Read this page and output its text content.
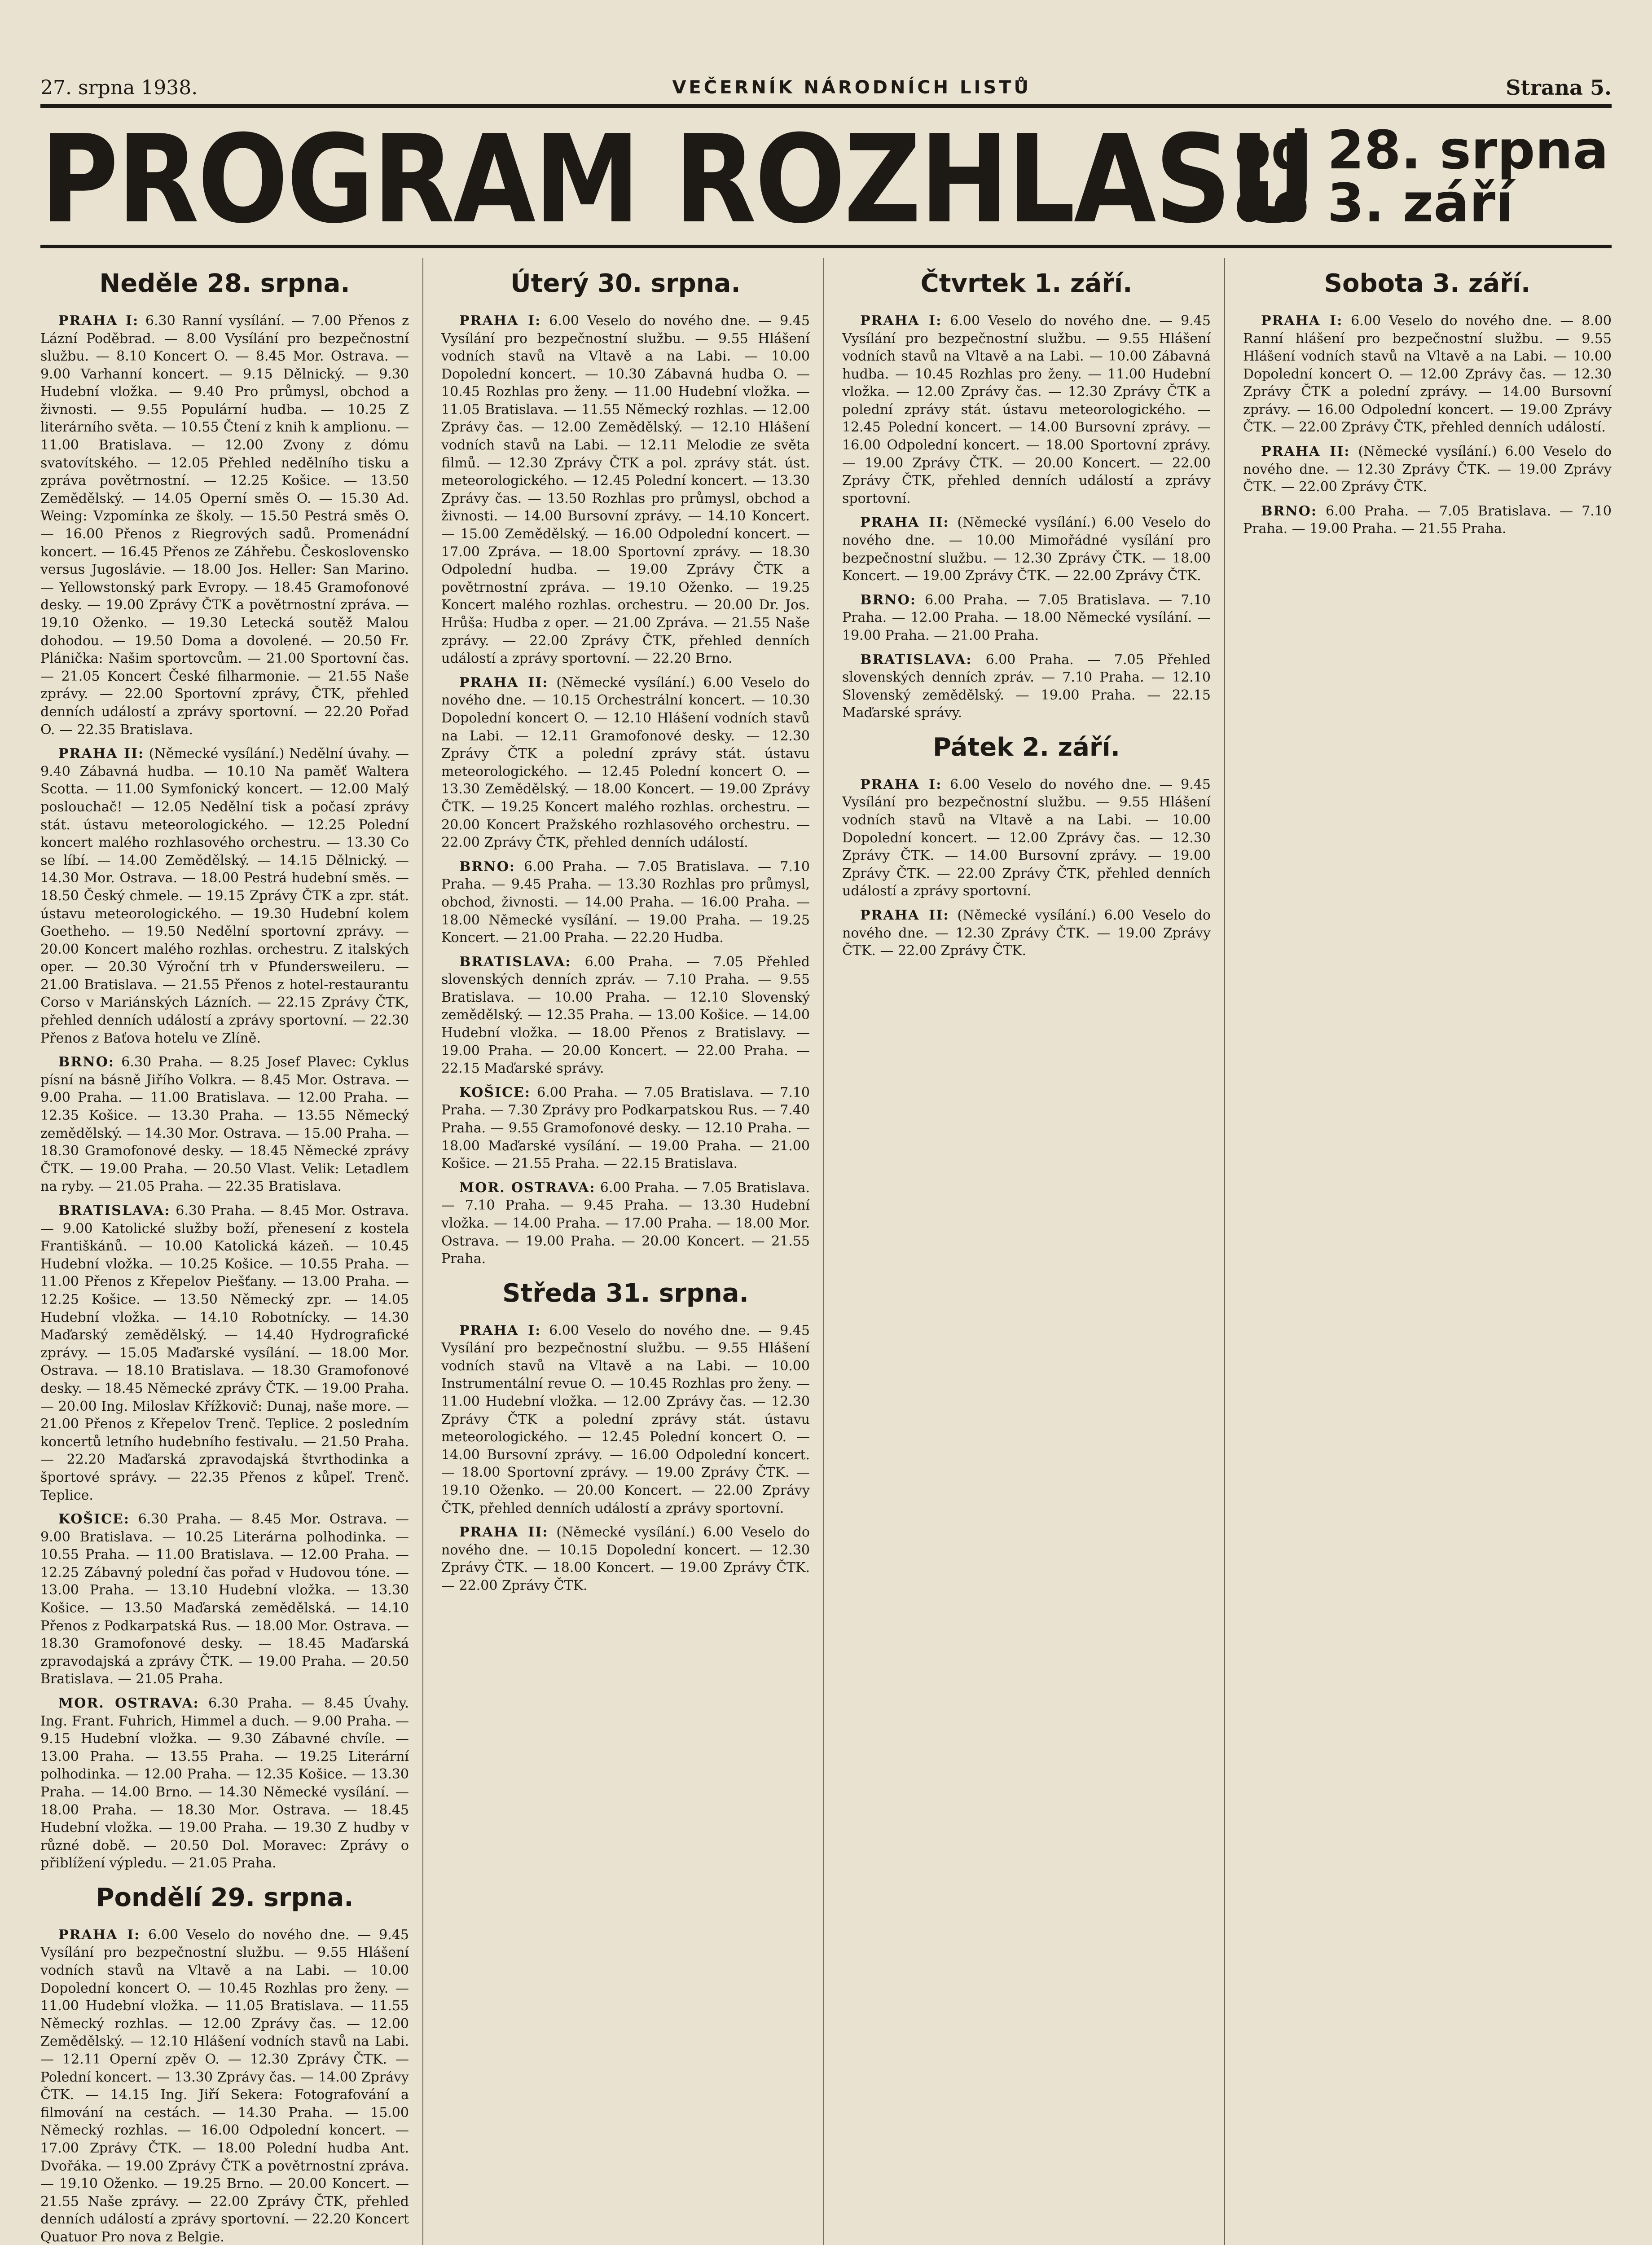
27. srpna 1938.	VEČERNÍK NÁRODNÍCH LISTŮ	Strana 5.
PROGRAM ROZHLASU
od 28. srpna
do 3. září
Neděle 28. srpna.

PRAHA I: 6.30 Ranní vysílání. — 7.00 Přenos z Lázní Poděbrad. — 8.00 Vysílání pro bezpečnostní službu. — 8.10 Koncert O. — 8.45 Mor. Ostrava. — 9.00 Varhanní koncert. — 9.15 Dělnický. — 9.30 Hudební vložka. — 9.40 Pro průmysl, obchod a živnosti. — 9.55 Populární hudba. — 10.25 Z literárního světa. — 10.55 Čtení z knih k amplionu. — 11.00 Bratislava. — 12.00 Zvony z dómu svatovítského. — 12.05 Přehled nedělního tisku a zpráva povětrnostní. — 12.25 Košice. — 13.50 Zemědělský. — 14.05 Operní směs O. — 15.30 Ad. Weing: Vzpomínka ze školy. — 15.50 Pestrá směs O. — 16.00 Přenos z Riegrových sadů. Promenádní koncert. — 16.45 Přenos ze Záhřebu. Československo versus Jugoslávie. — 18.00 Jos. Heller: San Marino. — Yellowstonský park Evropy. — 18.45 Gramofonové desky. — 19.00 Zprávy ČTK a povětrnostní zpráva. — 19.10 Oženko. — 19.30 Letecká soutěž Malou dohodou. — 19.50 Doma a dovolené. — 20.50 Fr. Plánička: Našim sportovcům. — 21.00 Sportovní čas. — 21.05 Koncert České filharmonie. — 21.55 Naše zprávy. — 22.00 Sportovní zprávy, ČTK, přehled denních událostí a zprávy sportovní. — 22.20 Pořad O. — 22.35 Bratislava.

PRAHA II: (Německé vysílání.) Nedělní úvahy. — 9.40 Zábavná hudba. — 10.10 Na paměť Waltera Scotta. — 11.00 Symfonický koncert. — 12.00 Malý poslouchač! — 12.05 Nedělní tisk a počasí zprávy stát. ústavu meteorologického. — 12.25 Polední koncert malého rozhlasového orchestru. — 13.30 Co se líbí. — 14.00 Zemědělský. — 14.15 Dělnický. — 14.30 Mor. Ostrava. — 18.00 Pestrá hudební směs. — 18.50 Český chmele. — 19.15 Zprávy ČTK a zpr. stát. ústavu meteorologického. — 19.30 Hudební kolem Goetheho. — 19.50 Nedělní sportovní zprávy. — 20.00 Koncert malého rozhlas. orchestru. Z italských oper. — 20.30 Výroční trh v Pfundersweileru. — 21.00 Bratislava. — 21.55 Přenos z hotel-restaurantu Corso v Mariánských Lázních. — 22.15 Zprávy ČTK, přehled denních událostí a zprávy sportovní. — 22.30 Přenos z Baťova hotelu ve Zlíně.

BRNO: 6.30 Praha. — 8.25 Josef Plavec: Cyklus písní na básně Jiřího Volkra. — 8.45 Mor. Ostrava. — 9.00 Praha. — 11.00 Bratislava. — 12.00 Praha. — 12.35 Košice. — 13.30 Praha. — 13.55 Německý zemědělský. — 14.30 Mor. Ostrava. — 15.00 Praha. — 18.30 Gramofonové desky. — 18.45 Německé zprávy ČTK. — 19.00 Praha. — 20.50 Vlast. Velik: Letadlem na ryby. — 21.05 Praha. — 22.35 Bratislava.

BRATISLAVA: 6.30 Praha. — 8.45 Mor. Ostrava. — 9.00 Katolické služby boží, přenesení z kostela Františkánů. — 10.00 Katolická kázeň. — 10.45 Hudební vložka. — 10.25 Košice. — 10.55 Praha. — 11.00 Přenos z Křepelov Piešťany. — 13.00 Praha. — 12.25 Košice. — 13.50 Německý zpr. — 14.05 Hudební vložka. — 14.10 Robotnícky. — 14.30 Maďarský zemědělský. — 14.40 Hydrografické zprávy. — 15.05 Maďarské vysílání. — 18.00 Mor. Ostrava. — 18.10 Bratislava. — 18.30 Gramofonové desky. — 18.45 Německé zprávy ČTK. — 19.00 Praha. — 20.00 Ing. Miloslav Křížkovič: Dunaj, naše more. — 21.00 Přenos z Křepelov Trenč. Teplice. 2 posledním koncertů letního hudebního festivalu. — 21.50 Praha. — 22.20 Maďarská zpravodajská štvrthodinka a športové správy. — 22.35 Přenos z kůpeľ. Trenč. Teplice.

KOŠICE: 6.30 Praha. — 8.45 Mor. Ostrava. — 9.00 Bratislava. — 10.25 Literárna polhodinka. — 10.55 Praha. — 11.00 Bratislava. — 12.00 Praha. — 12.25 Zábavný polední čas pořad v Hudovou tóne. — 13.00 Praha. — 13.10 Hudební vložka. — 13.30 Košice. — 13.50 Maďarská zemědělská. — 14.10 Přenos z Podkarpatská Rus. — 18.00 Mor. Ostrava. — 18.30 Gramofonové desky. — 18.45 Maďarská zpravodajská a zprávy ČTK. — 19.00 Praha. — 20.50 Bratislava. — 21.05 Praha.

MOR. OSTRAVA: 6.30 Praha. — 8.45 Úvahy. Ing. Frant. Fuhrich, Himmel a duch. — 9.00 Praha. — 9.15 Hudební vložka. — 9.30 Zábavné chvíle. — 13.00 Praha. — 13.55 Praha. — 19.25 Literární polhodinka. — 12.00 Praha. — 12.35 Košice. — 13.30 Praha. — 14.00 Brno. — 14.30 Německé vysílání. — 18.00 Praha. — 18.30 Mor. Ostrava. — 18.45 Hudební vložka. — 19.00 Praha. — 19.30 Z hudby v různé době. — 20.50 Dol. Moravec: Zprávy o přiblížení výpledu. — 21.05 Praha.

Pondělí 29. srpna.

PRAHA I: 6.00 Veselo do nového dne. — 9.45 Vysílání pro bezpečnostní službu. — 9.55 Hlášení vodních stavů na Vltavě a na Labi. — 10.00 Dopolední koncert O. — 10.45 Rozhlas pro ženy. — 11.00 Hudební vložka. — 11.05 Bratislava. — 11.55 Německý rozhlas. — 12.00 Zprávy čas. — 12.00 Zemědělský. — 12.10 Hlášení vodních stavů na Labi. — 12.11 Operní zpěv O. — 12.30 Zprávy ČTK. — Polední koncert. — 13.30 Zprávy čas. — 14.00 Zprávy ČTK. — 14.15 Ing. Jiří Sekera: Fotografování a filmování na cestách. — 14.30 Praha. — 15.00 Německý rozhlas. — 16.00 Odpolední koncert. — 17.00 Zprávy ČTK. — 18.00 Polední hudba Ant. Dvořáka. — 19.00 Zprávy ČTK a povětrnostní zpráva. — 19.10 Oženko. — 19.25 Brno. — 20.00 Koncert. — 21.55 Naše zprávy. — 22.00 Zprávy ČTK, přehled denních událostí a zprávy sportovní. — 22.20 Koncert Quatuor Pro nova z Belgie.

Úterý 30. srpna.

PRAHA I: 6.00 Veselo do nového dne. — 9.45 Vysílání pro bezpečnostní službu. — 9.55 Hlášení vodních stavů na Vltavě a na Labi. — 10.00 Dopolední koncert. — 10.30 Zábavná hudba O. — 10.45 Rozhlas pro ženy. — 11.00 Hudební vložka. — 11.05 Bratislava. — 11.55 Německý rozhlas. — 12.00 Zprávy čas. — 12.00 Zemědělský. — 12.10 Hlášení vodních stavů na Labi. — 12.11 Melodie ze světa filmů. — 12.30 Zprávy ČTK a pol. zprávy stát. úst. meteorologického. — 12.45 Polední koncert. — 13.30 Zprávy čas. — 13.50 Rozhlas pro průmysl, obchod a živnosti. — 14.00 Bursovní zprávy. — 14.10 Koncert. — 15.00 Zemědělský. — 16.00 Odpolední koncert. — 17.00 Zpráva. — 18.00 Sportovní zprávy. — 18.30 Odpolední hudba. — 19.00 Zprávy ČTK a povětrnostní zpráva. — 19.10 Oženko. — 19.25 Koncert malého rozhlas. orchestru. — 20.00 Dr. Jos. Hrůša: Hudba z oper. — 21.00 Zpráva. — 21.55 Naše zprávy. — 22.00 Zprávy ČTK, přehled denních událostí a zprávy sportovní. — 22.20 Brno.

PRAHA II: (Německé vysílání.) 6.00 Veselo do nového dne. — 10.15 Orchestrální koncert. — 10.30 Dopolední koncert O. — 12.10 Hlášení vodních stavů na Labi. — 12.11 Gramofonové desky. — 12.30 Zprávy ČTK a polední zprávy stát. ústavu meteorologického. — 12.45 Polední koncert O. — 13.30 Zemědělský. — 18.00 Koncert. — 19.00 Zprávy ČTK. — 19.25 Koncert malého rozhlas. orchestru. — 20.00 Koncert Pražského rozhlasového orchestru. — 22.00 Zprávy ČTK, přehled denních událostí.

BRNO: 6.00 Praha. — 7.05 Bratislava. — 7.10 Praha. — 9.45 Praha. — 13.30 Rozhlas pro průmysl, obchod, živnosti. — 14.00 Praha. — 16.00 Praha. — 18.00 Německé vysílání. — 19.00 Praha. — 19.25 Koncert. — 21.00 Praha. — 22.20 Hudba.

BRATISLAVA: 6.00 Praha. — 7.05 Přehled slovenských denních zpráv. — 7.10 Praha. — 9.55 Bratislava. — 10.00 Praha. — 12.10 Slovenský zemědělský. — 12.35 Praha. — 13.00 Košice. — 14.00 Hudební vložka. — 18.00 Přenos z Bratislavy. — 19.00 Praha. — 20.00 Koncert. — 22.00 Praha. — 22.15 Maďarské správy.

KOŠICE: 6.00 Praha. — 7.05 Bratislava. — 7.10 Praha. — 7.30 Zprávy pro Podkarpatskou Rus. — 7.40 Praha. — 9.55 Gramofonové desky. — 12.10 Praha. — 18.00 Maďarské vysílání. — 19.00 Praha. — 21.00 Košice. — 21.55 Praha. — 22.15 Bratislava.

MOR. OSTRAVA: 6.00 Praha. — 7.05 Bratislava. — 7.10 Praha. — 9.45 Praha. — 13.30 Hudební vložka. — 14.00 Praha. — 17.00 Praha. — 18.00 Mor. Ostrava. — 19.00 Praha. — 20.00 Koncert. — 21.55 Praha.

Středa 31. srpna.

PRAHA I: 6.00 Veselo do nového dne. — 9.45 Vysílání pro bezpečnostní službu. — 9.55 Hlášení vodních stavů na Vltavě a na Labi. — 10.00 Instrumentální revue O. — 10.45 Rozhlas pro ženy. — 11.00 Hudební vložka. — 12.00 Zprávy čas. — 12.30 Zprávy ČTK a polední zprávy stát. ústavu meteorologického. — 12.45 Polední koncert O. — 14.00 Bursovní zprávy. — 16.00 Odpolední koncert. — 18.00 Sportovní zprávy. — 19.00 Zprávy ČTK. — 19.10 Oženko. — 20.00 Koncert. — 22.00 Zprávy ČTK, přehled denních událostí a zprávy sportovní.

PRAHA II: (Německé vysílání.) 6.00 Veselo do nového dne. — 10.15 Dopolední koncert. — 12.30 Zprávy ČTK. — 18.00 Koncert. — 19.00 Zprávy ČTK. — 22.00 Zprávy ČTK.

Čtvrtek 1. září.

PRAHA I: 6.00 Veselo do nového dne. — 9.45 Vysílání pro bezpečnostní službu. — 9.55 Hlášení vodních stavů na Vltavě a na Labi. — 10.00 Zábavná hudba. — 10.45 Rozhlas pro ženy. — 11.00 Hudební vložka. — 12.00 Zprávy čas. — 12.30 Zprávy ČTK a polední zprávy stát. ústavu meteorologického. — 12.45 Polední koncert. — 14.00 Bursovní zprávy. — 16.00 Odpolední koncert. — 18.00 Sportovní zprávy. — 19.00 Zprávy ČTK. — 20.00 Koncert. — 22.00 Zprávy ČTK, přehled denních událostí a zprávy sportovní.

PRAHA II: (Německé vysílání.) 6.00 Veselo do nového dne. — 10.00 Mimořádné vysílání pro bezpečnostní službu. — 12.30 Zprávy ČTK. — 18.00 Koncert. — 19.00 Zprávy ČTK. — 22.00 Zprávy ČTK.

BRNO: 6.00 Praha. — 7.05 Bratislava. — 7.10 Praha. — 12.00 Praha. — 18.00 Německé vysílání. — 19.00 Praha. — 21.00 Praha.

BRATISLAVA: 6.00 Praha. — 7.05 Přehled slovenských denních zpráv. — 7.10 Praha. — 12.10 Slovenský zemědělský. — 19.00 Praha. — 22.15 Maďarské správy.

Pátek 2. září.

PRAHA I: 6.00 Veselo do nového dne. — 9.45 Vysílání pro bezpečnostní službu. — 9.55 Hlášení vodních stavů na Vltavě a na Labi. — 10.00 Dopolední koncert. — 12.00 Zprávy čas. — 12.30 Zprávy ČTK. — 14.00 Bursovní zprávy. — 19.00 Zprávy ČTK. — 22.00 Zprávy ČTK, přehled denních událostí a zprávy sportovní.

PRAHA II: (Německé vysílání.) 6.00 Veselo do nového dne. — 12.30 Zprávy ČTK. — 19.00 Zprávy ČTK. — 22.00 Zprávy ČTK.

Sobota 3. září.

PRAHA I: 6.00 Veselo do nového dne. — 8.00 Ranní hlášení pro bezpečnostní službu. — 9.55 Hlášení vodních stavů na Vltavě a na Labi. — 10.00 Dopolední koncert O. — 12.00 Zprávy čas. — 12.30 Zprávy ČTK a polední zprávy. — 14.00 Bursovní zprávy. — 16.00 Odpolední koncert. — 19.00 Zprávy ČTK. — 22.00 Zprávy ČTK, přehled denních událostí.

PRAHA II: (Německé vysílání.) 6.00 Veselo do nového dne. — 12.30 Zprávy ČTK. — 19.00 Zprávy ČTK. — 22.00 Zprávy ČTK.

BRNO: 6.00 Praha. — 7.05 Bratislava. — 7.10 Praha. — 19.00 Praha. — 21.55 Praha.
